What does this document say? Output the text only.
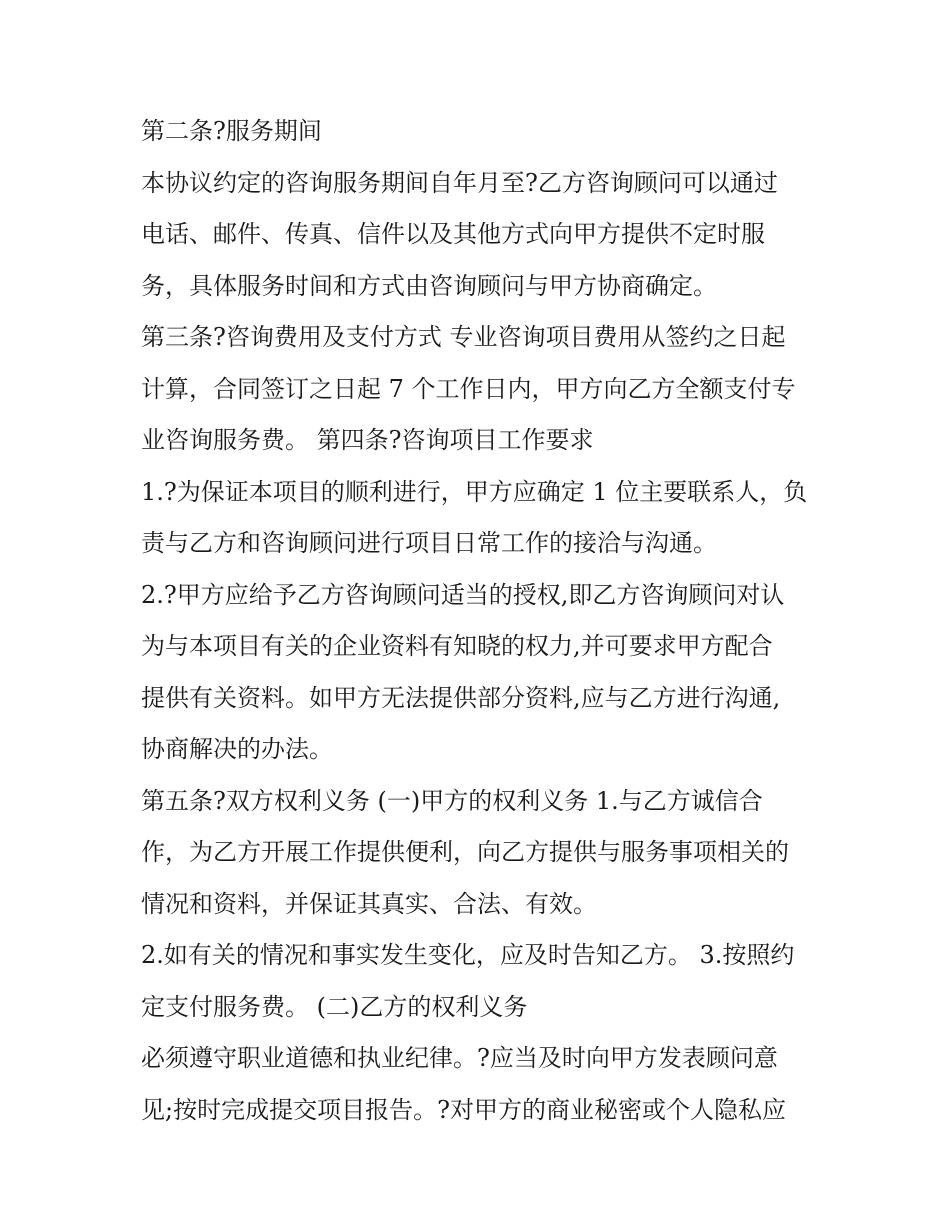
第二条?服务期间

本协议约定的咨询服务期间自年月至?乙方咨询顾问可以通过

电话、邮件、传真、信件以及其他方式向甲方提供不定时服

务，具体服务时间和方式由咨询顾问与甲方协商确定。

第三条?咨询费用及支付方式 专业咨询项目费用从签约之日起

计算，合同签订之日起 7 个工作日内，甲方向乙方全额支付专

业咨询服务费。 第四条?咨询项目工作要求

1.?为保证本项目的顺利进行，甲方应确定 1 位主要联系人，负

责与乙方和咨询顾问进行项目日常工作的接洽与沟通。

2.?甲方应给予乙方咨询顾问适当的授权,即乙方咨询顾问对认

为与本项目有关的企业资料有知晓的权力,并可要求甲方配合

提供有关资料。如甲方无法提供部分资料,应与乙方进行沟通,

协商解决的办法。

第五条?双方权利义务 (一)甲方的权利义务 1.与乙方诚信合

作，为乙方开展工作提供便利，向乙方提供与服务事项相关的

情况和资料，并保证其真实、合法、有效。

2.如有关的情况和事实发生变化，应及时告知乙方。 3.按照约

定支付服务费。 (二)乙方的权利义务

必须遵守职业道德和执业纪律。?应当及时向甲方发表顾问意

见;按时完成提交项目报告。?对甲方的商业秘密或个人隐私应
